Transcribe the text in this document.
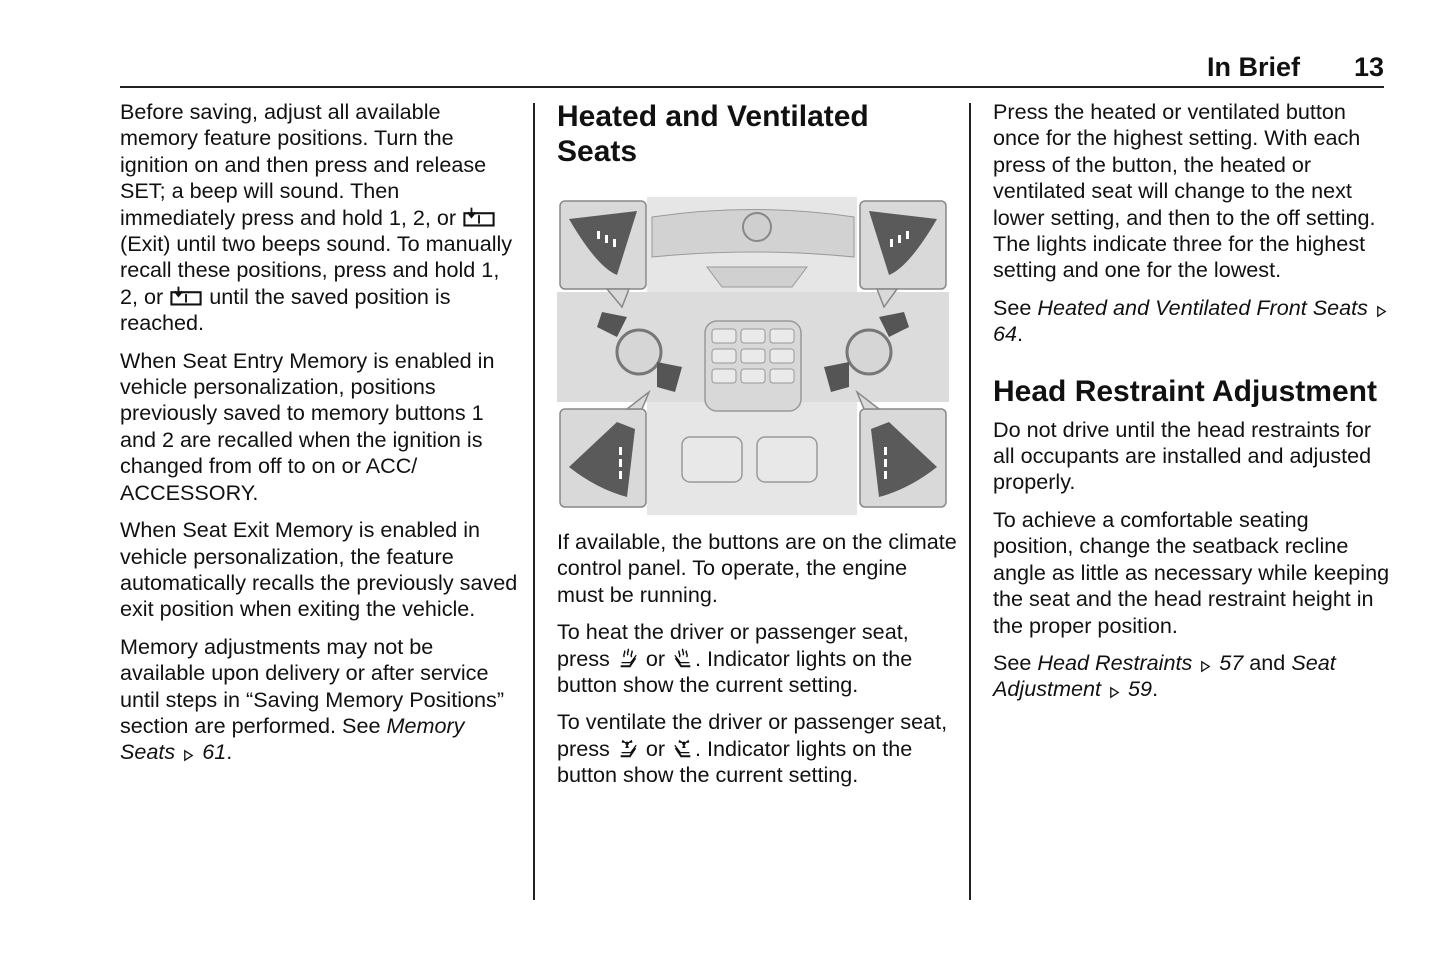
In Brief 13

Before saving, adjust all available memory feature positions. Turn the ignition on and then press and release SET; a beep will sound. Then immediately press and hold 1, 2, or  (Exit) until two beeps sound. To manually recall these positions, press and hold 1, 2, or until the saved position is reached.

When Seat Entry Memory is enabled in vehicle personalization, positions previously saved to memory buttons 1 and 2 are recalled when the ignition is changed from off to on or ACC/ ACCESSORY.

When Seat Exit Memory is enabled in vehicle personalization, the feature automatically recalls the previously saved exit position when exiting the vehicle.

Memory adjustments may not be available upon delivery or after service until steps in “Saving Memory Positions” section are performed. See Memory Seats 61.

Heated and Ventilated Seats

If available, the buttons are on the climate control panel. To operate, the engine must be running.

To heat the driver or passenger seat, press or . Indicator lights on the button show the current setting.

To ventilate the driver or passenger seat, press or . Indicator lights on the button show the current setting.

Press the heated or ventilated button once for the highest setting. With each press of the button, the heated or ventilated seat will change to the next lower setting, and then to the off setting. The lights indicate three for the highest setting and one for the lowest.

See Heated and Ventilated Front Seats  64.

Head Restraint Adjustment

Do not drive until the head restraints for all occupants are installed and adjusted properly.

To achieve a comfortable seating position, change the seatback recline angle as little as necessary while keeping the seat and the head restraint height in the proper position.

See Head Restraints 57 and Seat Adjustment 59.
